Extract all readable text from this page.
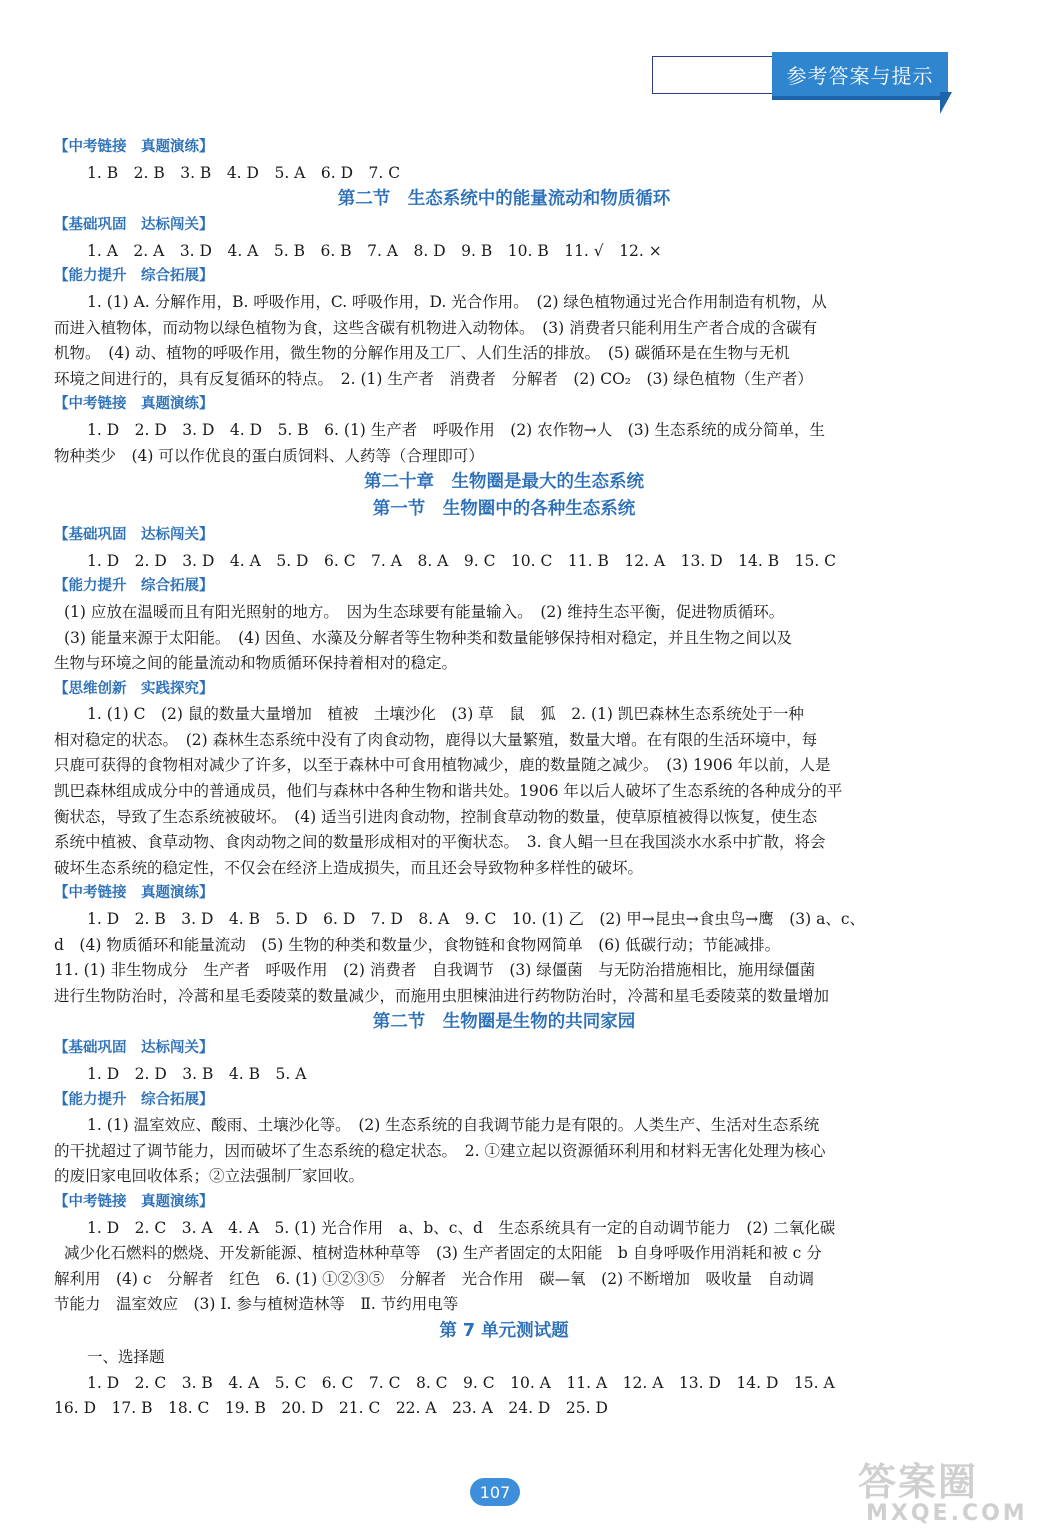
参考答案与提示
【中考链接　真题演练】
1. B　2. B　3. B　4. D　5. A　6. D　7. C
第二节　生态系统中的能量流动和物质循环
【基础巩固　达标闯关】
1. A　2. A　3. D　4. A　5. B　6. B　7. A　8. D　9. B　10. B　11. √　12. ×
【能力提升　综合拓展】
1. (1) A. 分解作用，B. 呼吸作用，C. 呼吸作用，D. 光合作用。　(2) 绿色植物通过光合作用制造有机物，从
而进入植物体，而动物以绿色植物为食，这些含碳有机物进入动物体。　(3) 消费者只能利用生产者合成的含碳有
机物。　(4) 动、植物的呼吸作用，微生物的分解作用及工厂、人们生活的排放。　(5) 碳循环是在生物与无机
环境之间进行的，具有反复循环的特点。　2. (1) 生产者　消费者　分解者　(2) CO₂　(3) 绿色植物（生产者）
【中考链接　真题演练】
1. D　2. D　3. D　4. D　5. B　6. (1) 生产者　呼吸作用　(2) 农作物→人　(3) 生态系统的成分简单，生
物种类少　(4) 可以作优良的蛋白质饲料、人药等（合理即可）
第二十章　生物圈是最大的生态系统
第一节　生物圈中的各种生态系统
【基础巩固　达标闯关】
1. D　2. D　3. D　4. A　5. D　6. C　7. A　8. A　9. C　10. C　11. B　12. A　13. D　14. B　15. C
【能力提升　综合拓展】
(1) 应放在温暖而且有阳光照射的地方。　因为生态球要有能量输入。　(2) 维持生态平衡，促进物质循环。
(3) 能量来源于太阳能。　(4) 因鱼、水藻及分解者等生物种类和数量能够保持相对稳定，并且生物之间以及
生物与环境之间的能量流动和物质循环保持着相对的稳定。
【思维创新　实践探究】
1. (1) C　(2) 鼠的数量大量增加　植被　土壤沙化　(3) 草　鼠　狐　2. (1) 凯巴森林生态系统处于一种
相对稳定的状态。　(2) 森林生态系统中没有了肉食动物，鹿得以大量繁殖，数量大增。在有限的生活环境中，每
只鹿可获得的食物相对减少了许多，以至于森林中可食用植物减少，鹿的数量随之减少。　(3) 1906 年以前，人是
凯巴森林组成成分中的普通成员，他们与森林中各种生物和谐共处。1906 年以后人破坏了生态系统的各种成分的平
衡状态，导致了生态系统被破坏。　(4) 适当引进肉食动物，控制食草动物的数量，使草原植被得以恢复，使生态
系统中植被、食草动物、食肉动物之间的数量形成相对的平衡状态。　3. 食人鲳一旦在我国淡水水系中扩散，将会
破坏生态系统的稳定性，不仅会在经济上造成损失，而且还会导致物种多样性的破坏。
【中考链接　真题演练】
1. D　2. B　3. D　4. B　5. D　6. D　7. D　8. A　9. C　10. (1) 乙　(2) 甲→昆虫→食虫鸟→鹰　(3) a、c、
d　(4) 物质循环和能量流动　(5) 生物的种类和数量少，食物链和食物网简单　(6) 低碳行动；节能减排。
11. (1) 非生物成分　生产者　呼吸作用　(2) 消费者　自我调节　(3) 绿僵菌　与无防治措施相比，施用绿僵菌
进行生物防治时，冷蒿和星毛委陵菜的数量减少，而施用虫胆楝油进行药物防治时，冷蒿和星毛委陵菜的数量增加
第二节　生物圈是生物的共同家园
【基础巩固　达标闯关】
1. D　2. D　3. B　4. B　5. A
【能力提升　综合拓展】
1. (1) 温室效应、酸雨、土壤沙化等。　(2) 生态系统的自我调节能力是有限的。人类生产、生活对生态系统
的干扰超过了调节能力，因而破坏了生态系统的稳定状态。　2. ①建立起以资源循环利用和材料无害化处理为核心
的废旧家电回收体系；②立法强制厂家回收。
【中考链接　真题演练】
1. D　2. C　3. A　4. A　5. (1) 光合作用　a、b、c、d　生态系统具有一定的自动调节能力　(2) 二氧化碳
减少化石燃料的燃烧、开发新能源、植树造林种草等　(3) 生产者固定的太阳能　b 自身呼吸作用消耗和被 c 分
解利用　(4) c　分解者　红色　6. (1) ①②③⑤　分解者　光合作用　碳—氧　(2) 不断增加　吸收量　自动调
节能力　温室效应　(3) Ⅰ. 参与植树造林等　Ⅱ. 节约用电等
第 7 单元测试题
一、选择题
1. D　2. C　3. B　4. A　5. C　6. C　7. C　8. C　9. C　10. A　11. A　12. A　13. D　14. D　15. A
16. D　17. B　18. C　19. B　20. D　21. C　22. A　23. A　24. D　25. D
107	答案圈
MXQE.COM
